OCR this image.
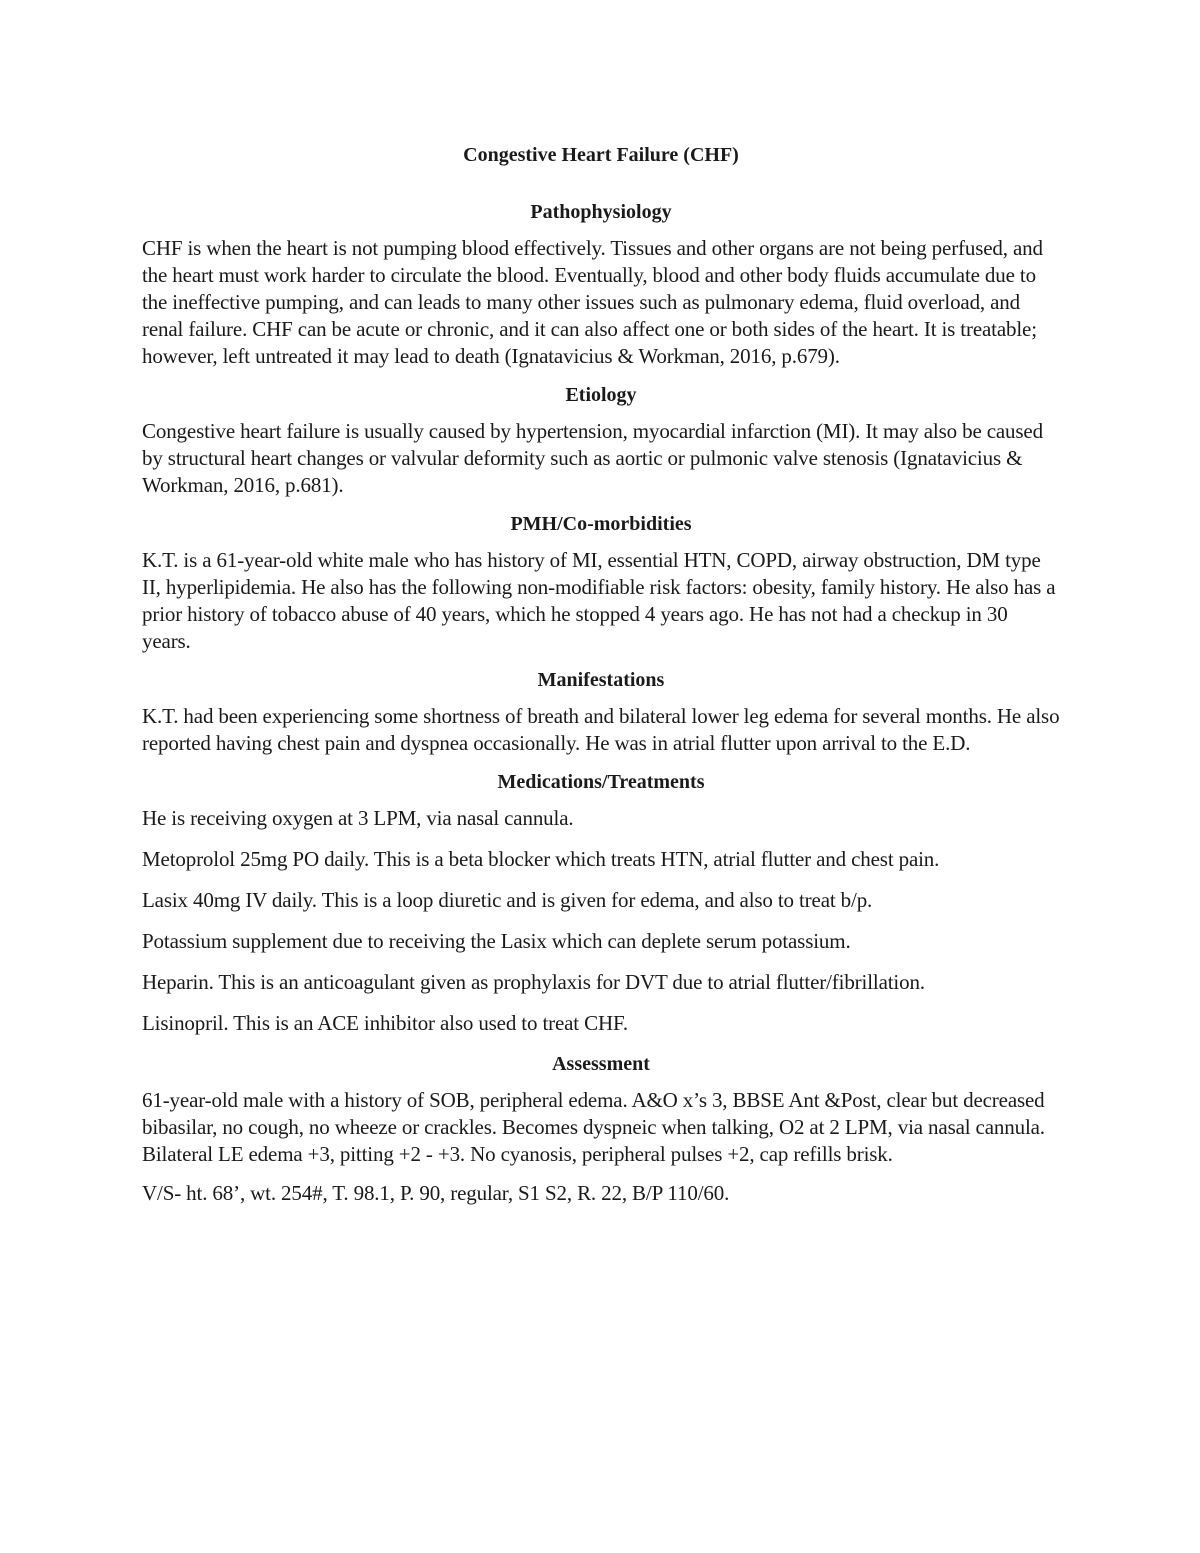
Congestive Heart Failure (CHF)
Pathophysiology

CHF is when the heart is not pumping blood effectively. Tissues and other organs are not being perfused, and the heart must work harder to circulate the blood. Eventually, blood and other body fluids accumulate due to the ineffective pumping, and can leads to many other issues such as pulmonary edema, fluid overload, and renal failure. CHF can be acute or chronic, and it can also affect one or both sides of the heart. It is treatable; however, left untreated it may lead to death (Ignatavicius & Workman, 2016, p.679).

Etiology

Congestive heart failure is usually caused by hypertension, myocardial infarction (MI). It may also be caused by structural heart changes or valvular deformity such as aortic or pulmonic valve stenosis (Ignatavicius & Workman, 2016, p.681).

PMH/Co-morbidities

K.T. is a 61-year-old white male who has history of MI, essential HTN, COPD, airway obstruction, DM type II, hyperlipidemia. He also has the following non-modifiable risk factors: obesity, family history. He also has a prior history of tobacco abuse of 40 years, which he stopped 4 years ago. He has not had a checkup in 30 years.

Manifestations

K.T. had been experiencing some shortness of breath and bilateral lower leg edema for several months. He also reported having chest pain and dyspnea occasionally. He was in atrial flutter upon arrival to the E.D.

Medications/Treatments

He is receiving oxygen at 3 LPM, via nasal cannula.

Metoprolol 25mg PO daily. This is a beta blocker which treats HTN, atrial flutter and chest pain.

Lasix 40mg IV daily. This is a loop diuretic and is given for edema, and also to treat b/p.

Potassium supplement due to receiving the Lasix which can deplete serum potassium.

Heparin. This is an anticoagulant given as prophylaxis for DVT due to atrial flutter/fibrillation.

Lisinopril. This is an ACE inhibitor also used to treat CHF.

Assessment

61-year-old male with a history of SOB, peripheral edema. A&O x’s 3, BBSE Ant &Post, clear but decreased bibasilar, no cough, no wheeze or crackles. Becomes dyspneic when talking, O2 at 2 LPM, via nasal cannula. Bilateral LE edema +3, pitting +2 - +3. No cyanosis, peripheral pulses +2, cap refills brisk.

V/S- ht. 68’, wt. 254#, T. 98.1, P. 90, regular, S1 S2, R. 22, B/P 110/60.
